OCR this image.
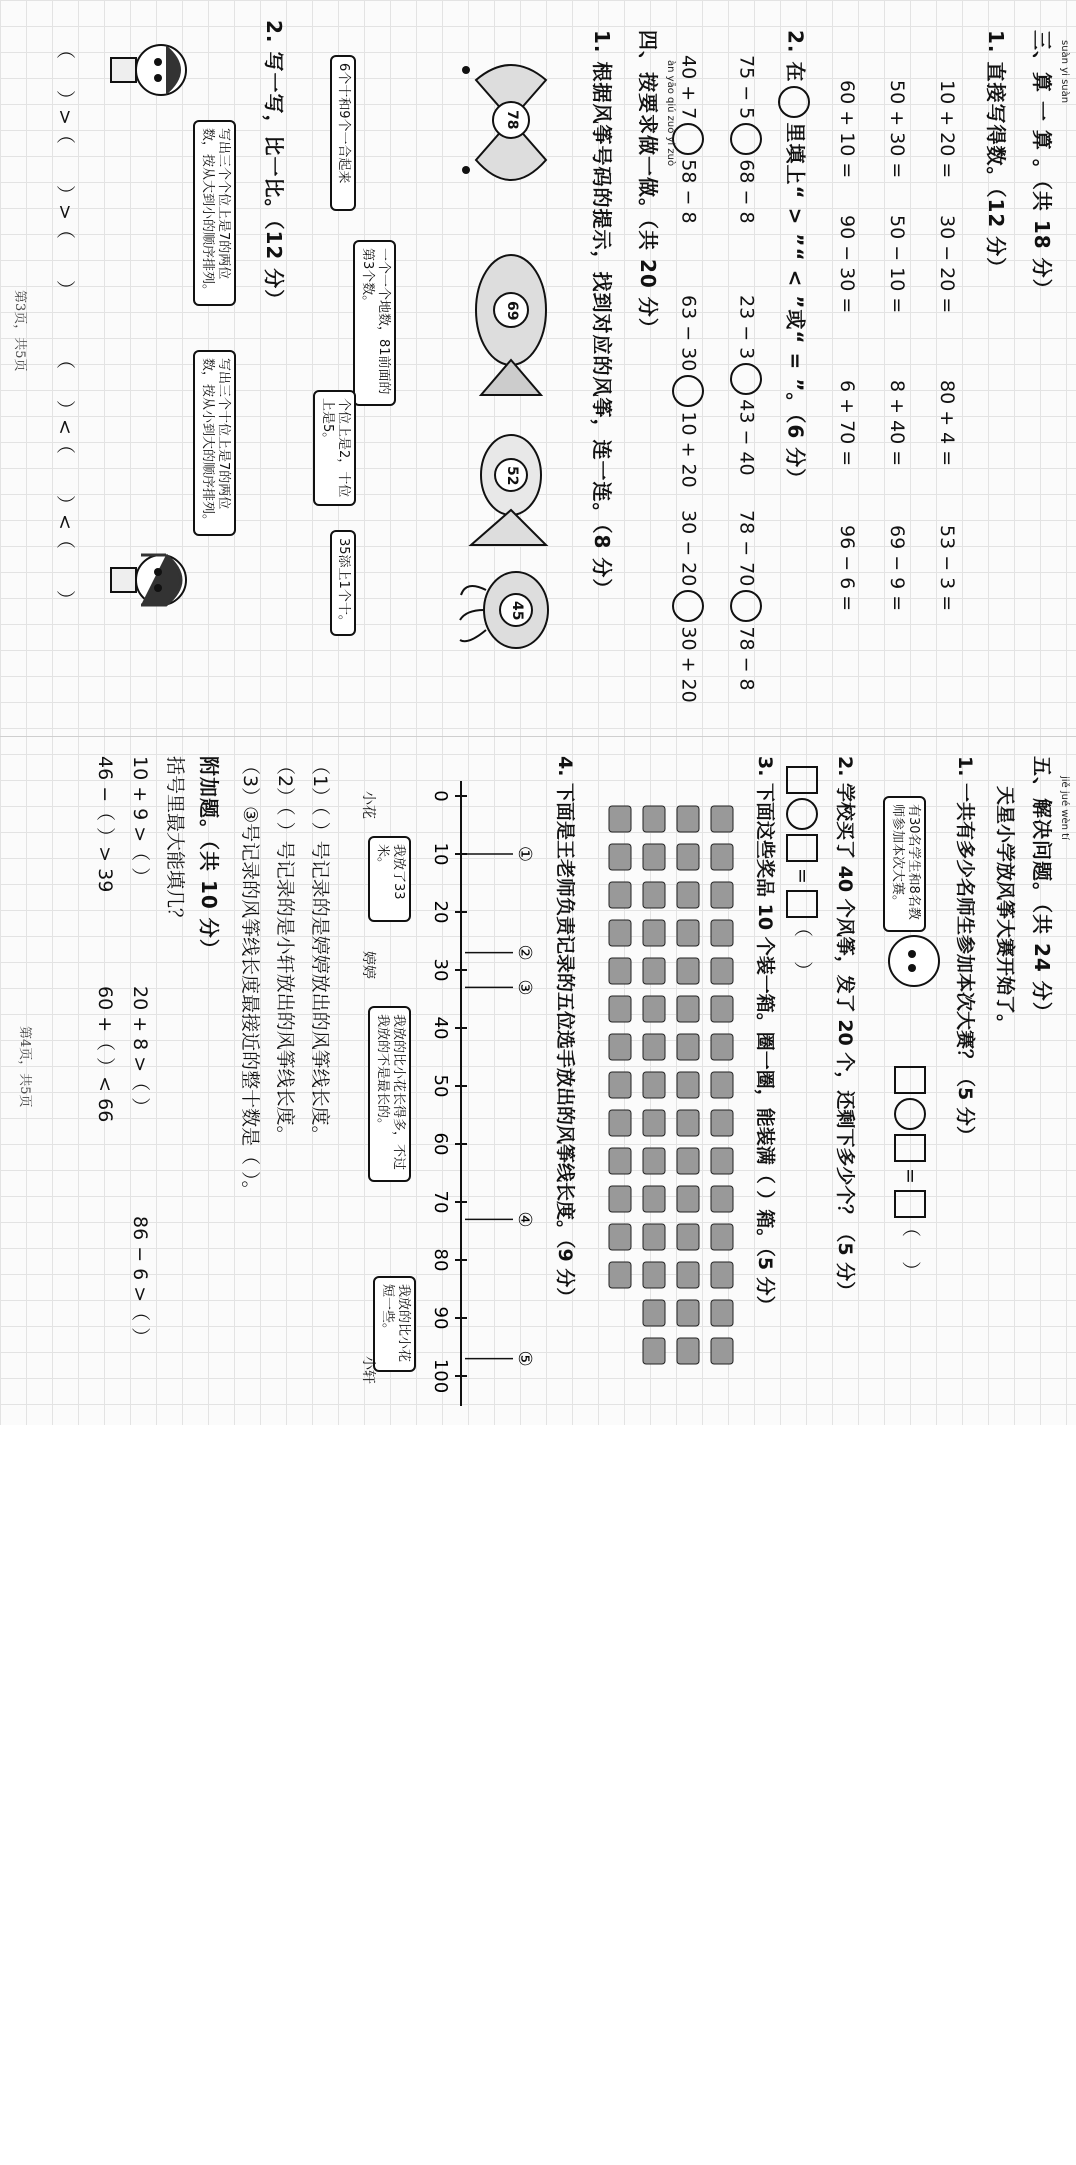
suàn yi suàn
三、算 一 算 。（共 18 分）
1. 直接写得数。（12 分）
10 + 20 =
30 − 20 =
80 + 4 =
53 − 3 =
50 + 30 =
50 − 10 =
8 + 40 =
69 − 9 =
60 + 10 =
90 − 30 =
6 + 70 =
96 − 6 =
2. 在里填上“ > ”“ < ”或“ = ”。（6 分）
75 − 568 − 8
23 − 343 − 40
78 − 7078 − 8
40 + 758 − 8
63 − 3010 + 20
30 − 2030 + 20
àn yāo qiú zuò yi zuò
四、按要求做一做。（共 20 分）
1. 根据风筝号码的提示，找到对应的风筝，连一连。（8 分）
78
69
52
45
6个十和9个一合起来
一个一个地数，81前面的第3个数。
个位上是2，十位上是5。
35添上1个十。
2. 写一写，比一比。（12 分）
写出三个个位上是7的两位数，按从大到小的顺序排列。
写出三个十位上是7的两位数，按从小到大的顺序排列。
（
）>（
）>（
）
（
）<（
）<（
）
第3页，共5页
jiě jué wèn tí
五、解决问题。（共 24 分）
天星小学放风筝大赛开始了。
1. 一共有多少名师生参加本次大赛？（5 分）
有30名学生和8名教师参加本次大赛。
= （    ）
2. 学校买了 40 个风筝，发了 20 个，还剩下多少个？（5 分）
= （    ）
3. 下面这些奖品 10 个装一箱。圈一圈，能装满（ ）箱。（5 分）
4. 下面是王老师负责记录的五位选手放出的风筝线长度。（9 分）
0
10
20
30
40
50
60
70
80
90
100
①
②
③
④
⑤
我放了33米。
小花
我放的比小花长得多，不过我放的不是最长的。
婷婷
我放的比小花短一些。
小轩
（1）（ ）号记录的是婷婷放出的风筝线长度。
（2）（ ）号记录的是小轩放出的风筝线长度。
（3）③号记录的风筝线长度最接近的整十数是（ ）。
附加题。（共 10 分）
括号里最大能填几？
10 + 9 >（ ）
20 + 8 >（ ）
86 − 6 >（ ）
46 −（ ）> 39
60 +（ ）< 66
第4页，共5页
